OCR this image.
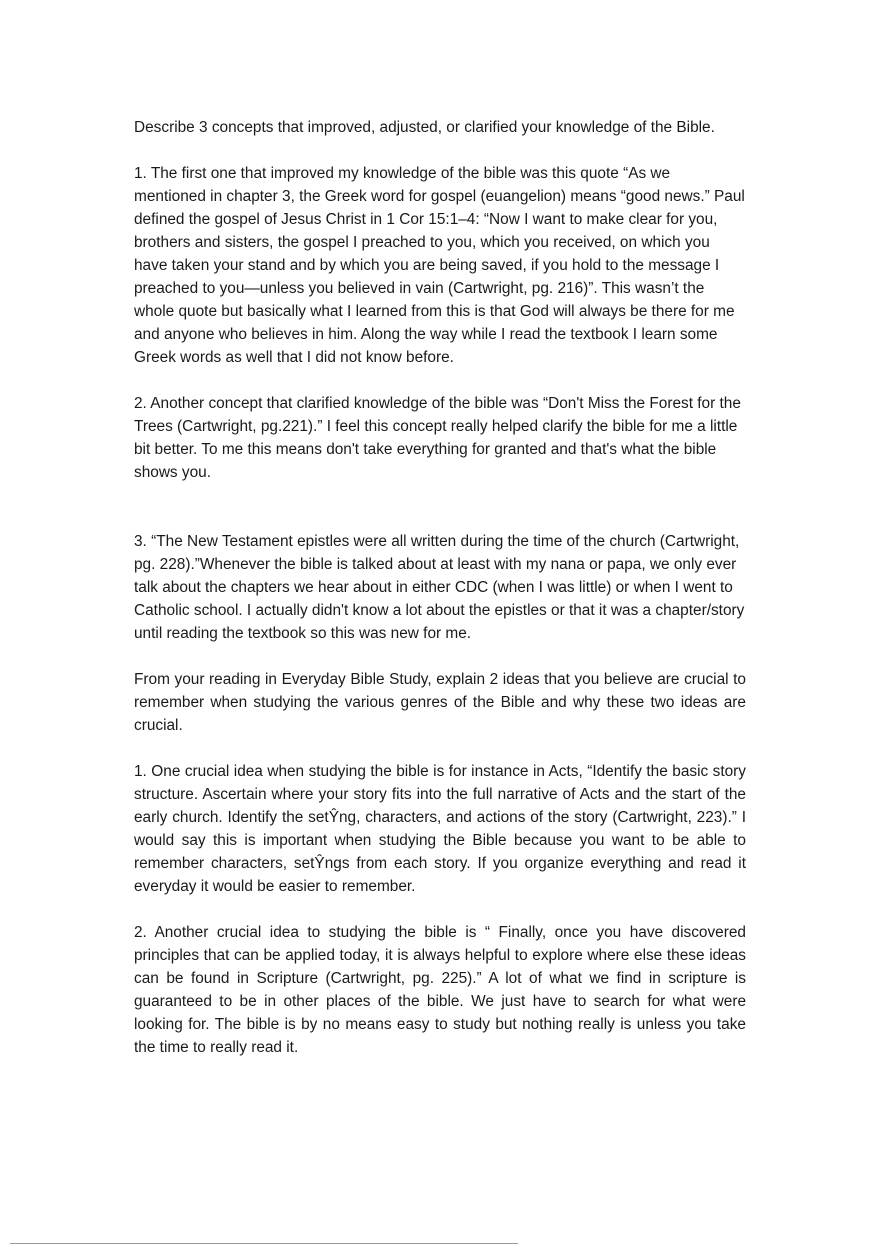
Describe 3 concepts that improved, adjusted, or clarified your knowledge of the Bible.

1. The first one that improved my knowledge of the bible was this quote “As we mentioned in chapter 3, the Greek word for gospel (euangelion) means “good news.” Paul defined the gospel of Jesus Christ in 1 Cor 15:1–4: “Now I want to make clear for you, brothers and sisters, the gospel I preached to you, which you received, on which you have taken your stand and by which you are being saved, if you hold to the message I preached to you—unless you believed in vain (Cartwright, pg. 216)”. This wasn’t the whole quote but basically what I learned from this is that God will always be there for me and anyone who believes in him. Along the way while I read the textbook I learn some Greek words as well that I did not know before.

2. Another concept that clarified knowledge of the bible was “Don't Miss the Forest for the Trees (Cartwright, pg.221).” I feel this concept really helped clarify the bible for me a little bit better. To me this means don't take everything for granted and that's what the bible shows you.

3. “The New Testament epistles were all written during the time of the church (Cartwright, pg. 228).”Whenever the bible is talked about at least with my nana or papa, we only ever talk about the chapters we hear about in either CDC (when I was little) or when I went to Catholic school. I actually didn't know a lot about the epistles or that it was a chapter/story until reading the textbook so this was new for me.

From your reading in Everyday Bible Study, explain 2 ideas that you believe are crucial to remember when studying the various genres of the Bible and why these two ideas are crucial.

1. One crucial idea when studying the bible is for instance in Acts, “Identify the basic story structure. Ascertain where your story fits into the full narrative of Acts and the start of the early church. Identify the setŶng, characters, and actions of the story (Cartwright, 223).” I would say this is important when studying the Bible because you want to be able to remember characters, setŶngs from each story. If you organize everything and read it everyday it would be easier to remember.

2. Another crucial idea to studying the bible is “ Finally, once you have discovered principles that can be applied today, it is always helpful to explore where else these ideas can be found in Scripture (Cartwright, pg. 225).” A lot of what we find in scripture is guaranteed to be in other places of the bible. We just have to search for what were looking for. The bible is by no means easy to study but nothing really is unless you take the time to really read it.
